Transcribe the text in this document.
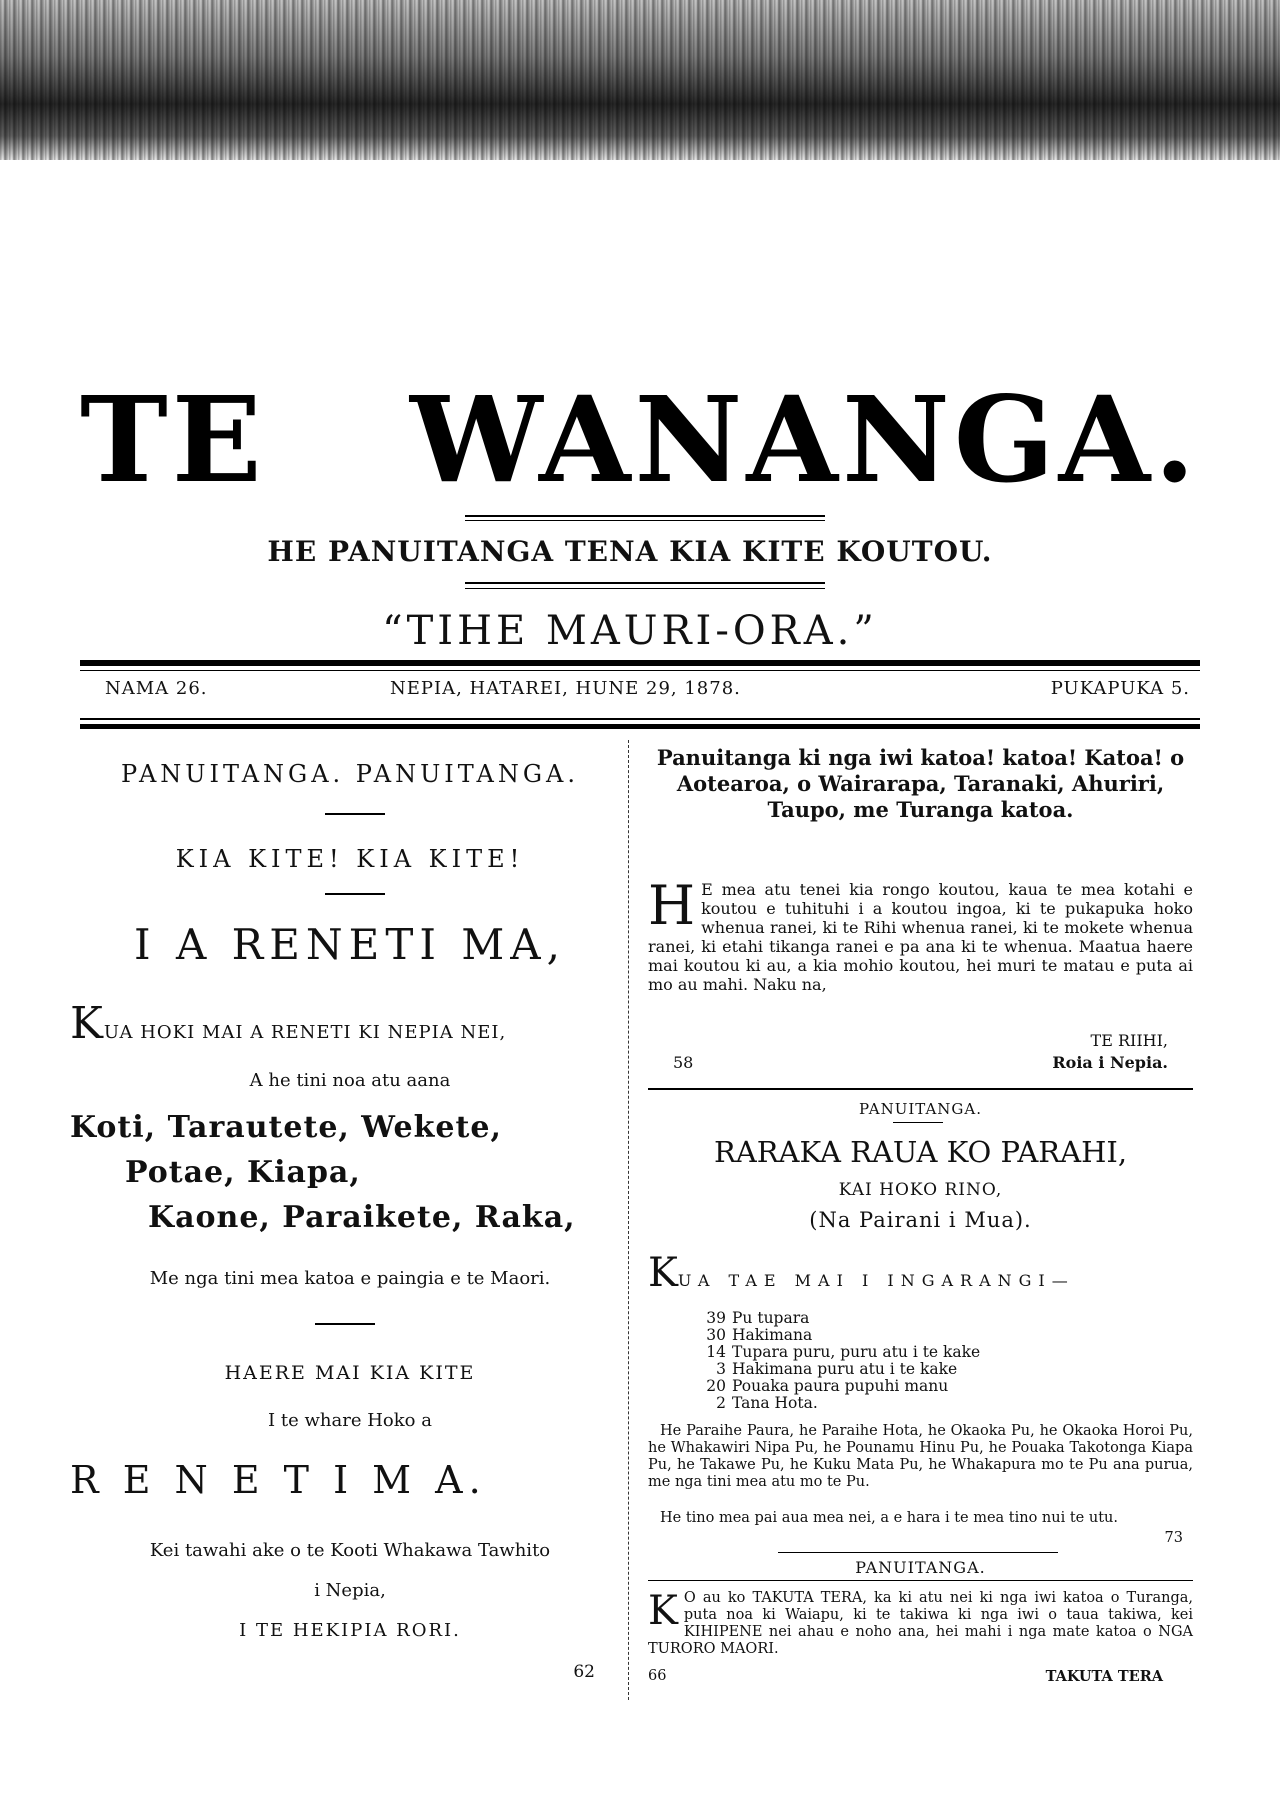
TE WANANGA.
HE PANUITANGA TENA KIA KITE KOUTOU.
“TIHE MAURI-ORA.”
NAMA 26.	NEPIA, HATAREI, HUNE 29, 1878.	PUKAPUKA 5.
PANUITANGA. PANUITANGA.
KIA KITE! KIA KITE!
I A RENETI MA,
KUA HOKI MAI A RENETI KI NEPIA NEI,
A he tini noa atu aana
Koti, Tarautete, Wekete,
Potae, Kiapa,
Kaone, Paraikete, Raka,
Me nga tini mea katoa e paingia e te Maori.
HAERE MAI KIA KITE
I te whare Hoko a
R E N E T I M A.
Kei tawahi ake o te Kooti Whakawa Tawhito
i Nepia,
I TE HEKIPIA RORI.
62
Panuitanga ki nga iwi katoa! katoa! Katoa! o Aotearoa, o Wairarapa, Taranaki, Ahuriri, Taupo, me Turanga katoa.
H E mea atu tenei kia rongo koutou, kaua te mea kotahi e koutou e tuhituhi i a koutou ingoa, ki te pukapuka hoko whenua ranei, ki te Rihi whenua ranei, ki te mokete whenua ranei, ki etahi tikanga ranei e pa ana ki te whenua. Maatua haere mai koutou ki au, a kia mohio koutou, hei muri te matau e puta ai mo au mahi. Naku na,
TE RIIHI,
58	Roia i Nepia.
PANUITANGA.
RARAKA RAUA KO PARAHI,
KAI HOKO RINO,
(Na Pairani i Mua).
KUA TAE MAI I INGARANGI—
39	Pu tupara
30	Hakimana
14	Tupara puru, puru atu i te kake
3	Hakimana puru atu i te kake
20	Pouaka paura pupuhi manu
2	Tana Hota.
He Paraihe Paura, he Paraihe Hota, he Okaoka Pu, he Okaoka Horoi Pu, he Whakawiri Nipa Pu, he Pounamu Hinu Pu, he Pouaka Takotonga Kiapa Pu, he Takawe Pu, he Kuku Mata Pu, he Whakapura mo te Pu ana purua, me nga tini mea atu mo te Pu.
He tino mea pai aua mea nei, a e hara i te mea tino nui te utu.
73
PANUITANGA.
K O au ko TAKUTA TERA, ka ki atu nei ki nga iwi katoa o Turanga, puta noa ki Waiapu, ki te takiwa ki nga iwi o taua takiwa, kei KIHIPENE nei ahau e noho ana, hei mahi i nga mate katoa o NGA TURORO MAORI.
66	TAKUTA TERA
